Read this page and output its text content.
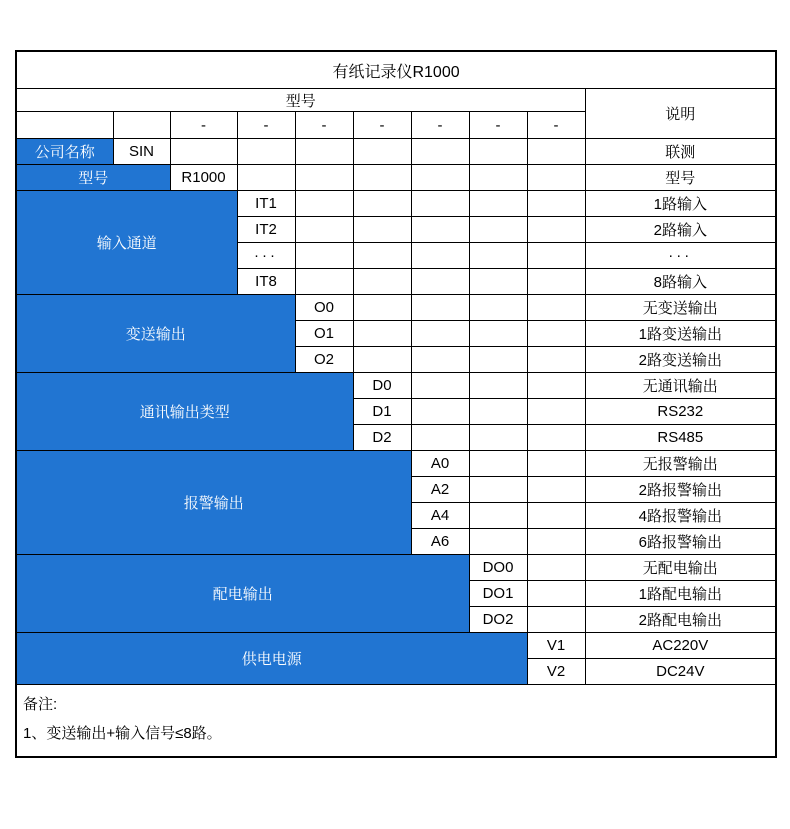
有纸记录仪R1000									
型号									说明
		-	-	-	-	-	-	-	
公司名称	SIN								联测
型号		R1000							型号
输入通道			IT1						1路输入
			IT2						2路输入
			···						···
			IT8						8路输入
变送输出				O0					无变送输出
				O1					1路变送输出
				O2					2路变送输出
通讯输出类型					D0				无通讯输出
					D1				RS232
					D2				RS485
报警输出						A0			无报警输出
						A2			2路报警输出
						A4			4路报警输出
						A6			6路报警输出
配电输出							DO0		无配电输出
							DO1		1路配电输出
							DO2		2路配电输出
供电电源								V1	AC220V
								V2	DC24V

备注:
1、变送输出+输入信号≤8路。									
